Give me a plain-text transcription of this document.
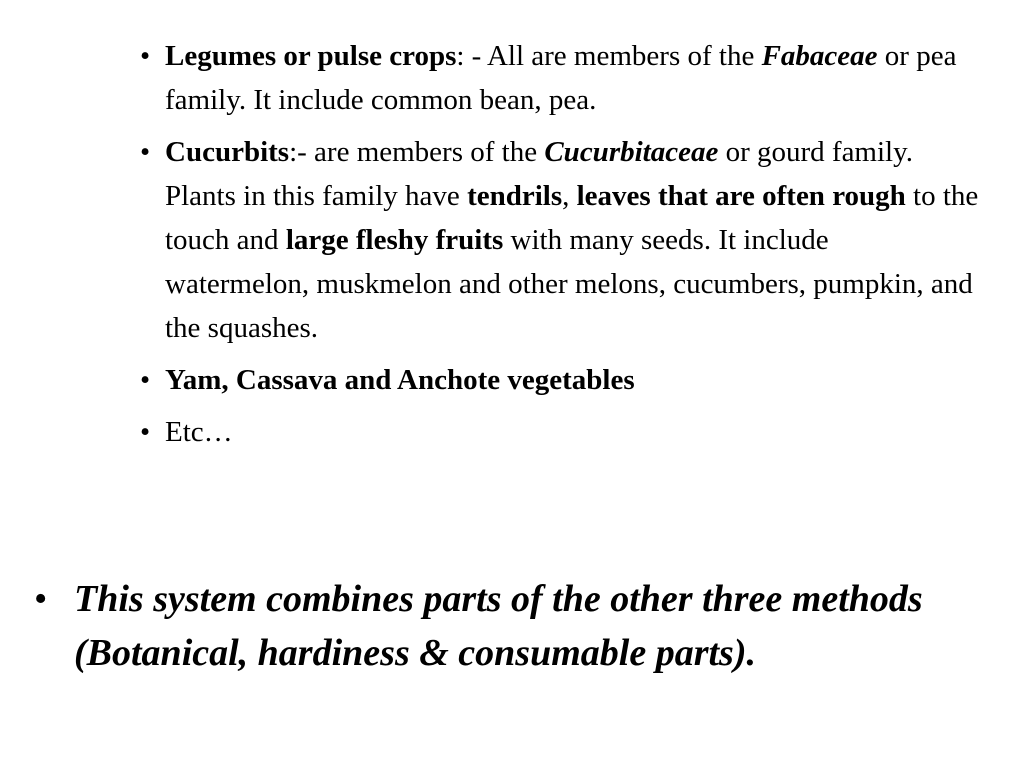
• Legumes or pulse crops: - All are members of the Fabaceae or pea family. It include common bean, pea.
• Cucurbits:- are members of the Cucurbitaceae or gourd family. Plants in this family have tendrils, leaves that are often rough to the touch and large fleshy fruits with many seeds. It include watermelon, muskmelon and other melons, cucumbers, pumpkin, and the squashes.
• Yam, Cassava and Anchote vegetables
• Etc…
• This system combines parts of the other three methods (Botanical, hardiness & consumable parts).
